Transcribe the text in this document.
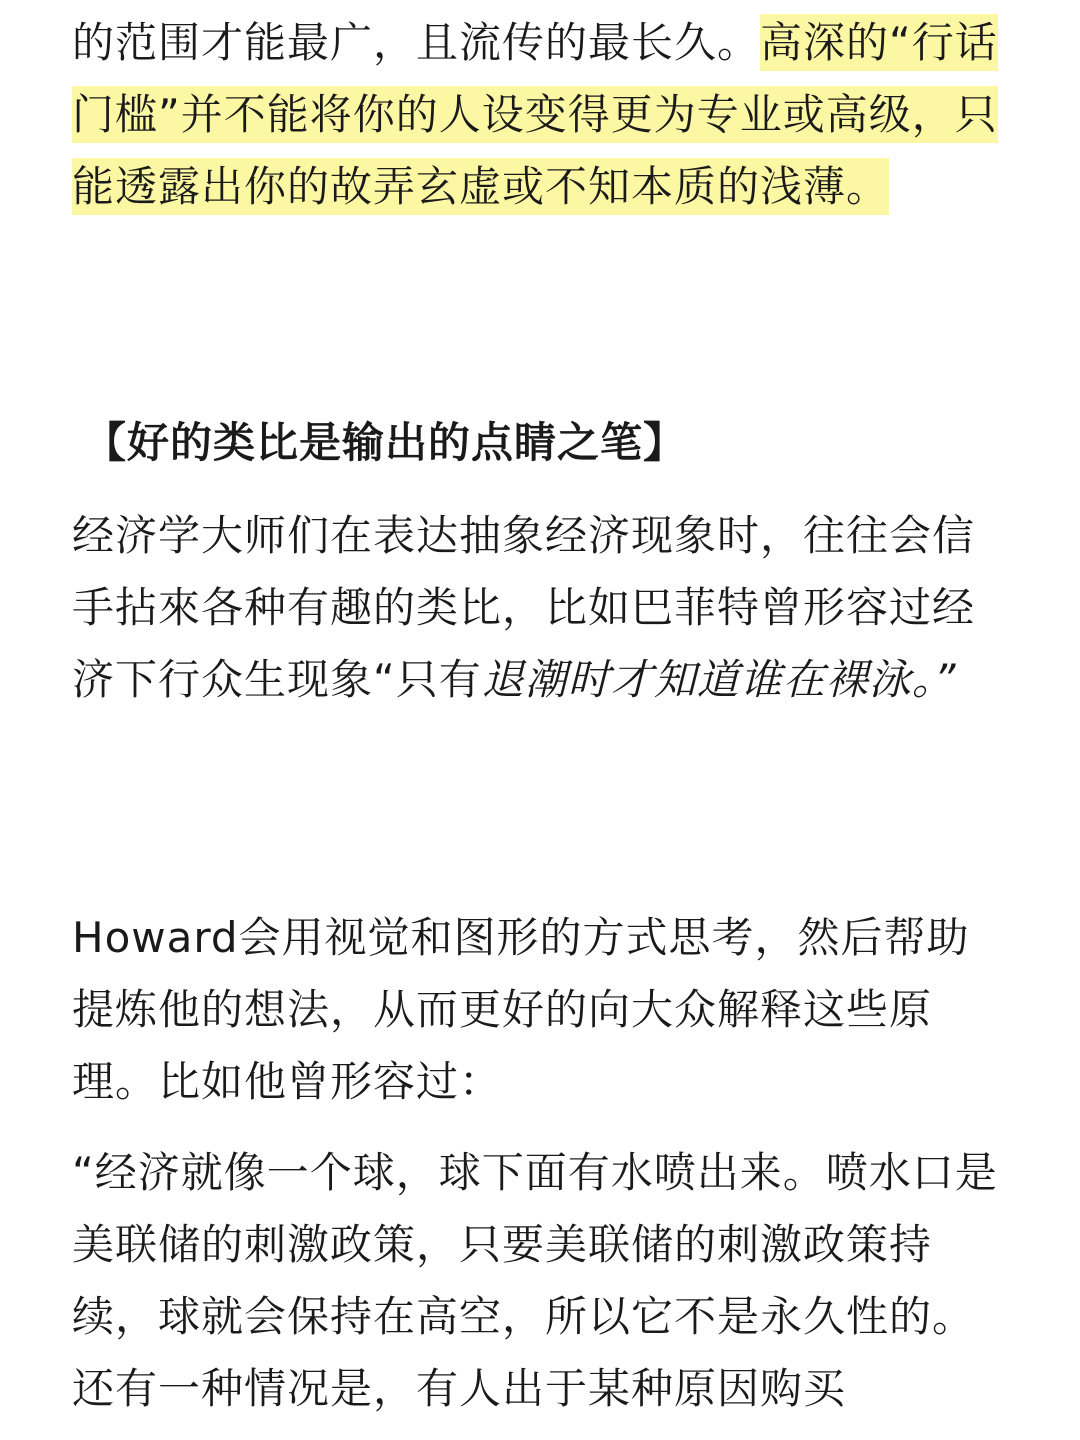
的范围才能最广，且流传的最长久。高深的“行话门槛”并不能将你的人设变得更为专业或高级，只能透露出你的故弄玄虚或不知本质的浅薄。

【好的类比是输出的点睛之笔】

经济学大师们在表达抽象经济现象时，往往会信手拈來各种有趣的类比，比如巴菲特曾形容过经济下行众生现象“只有退潮时才知道谁在裸泳。”

Howard会用视觉和图形的方式思考，然后帮助提炼他的想法，从而更好的向大众解释这些原理。比如他曾形容过：

“经济就像一个球，球下面有水喷出来。喷水口是美联储的刺激政策，只要美联储的刺激政策持续，球就会保持在高空，所以它不是永久性的。还有一种情况是，有人出于某种原因购买
